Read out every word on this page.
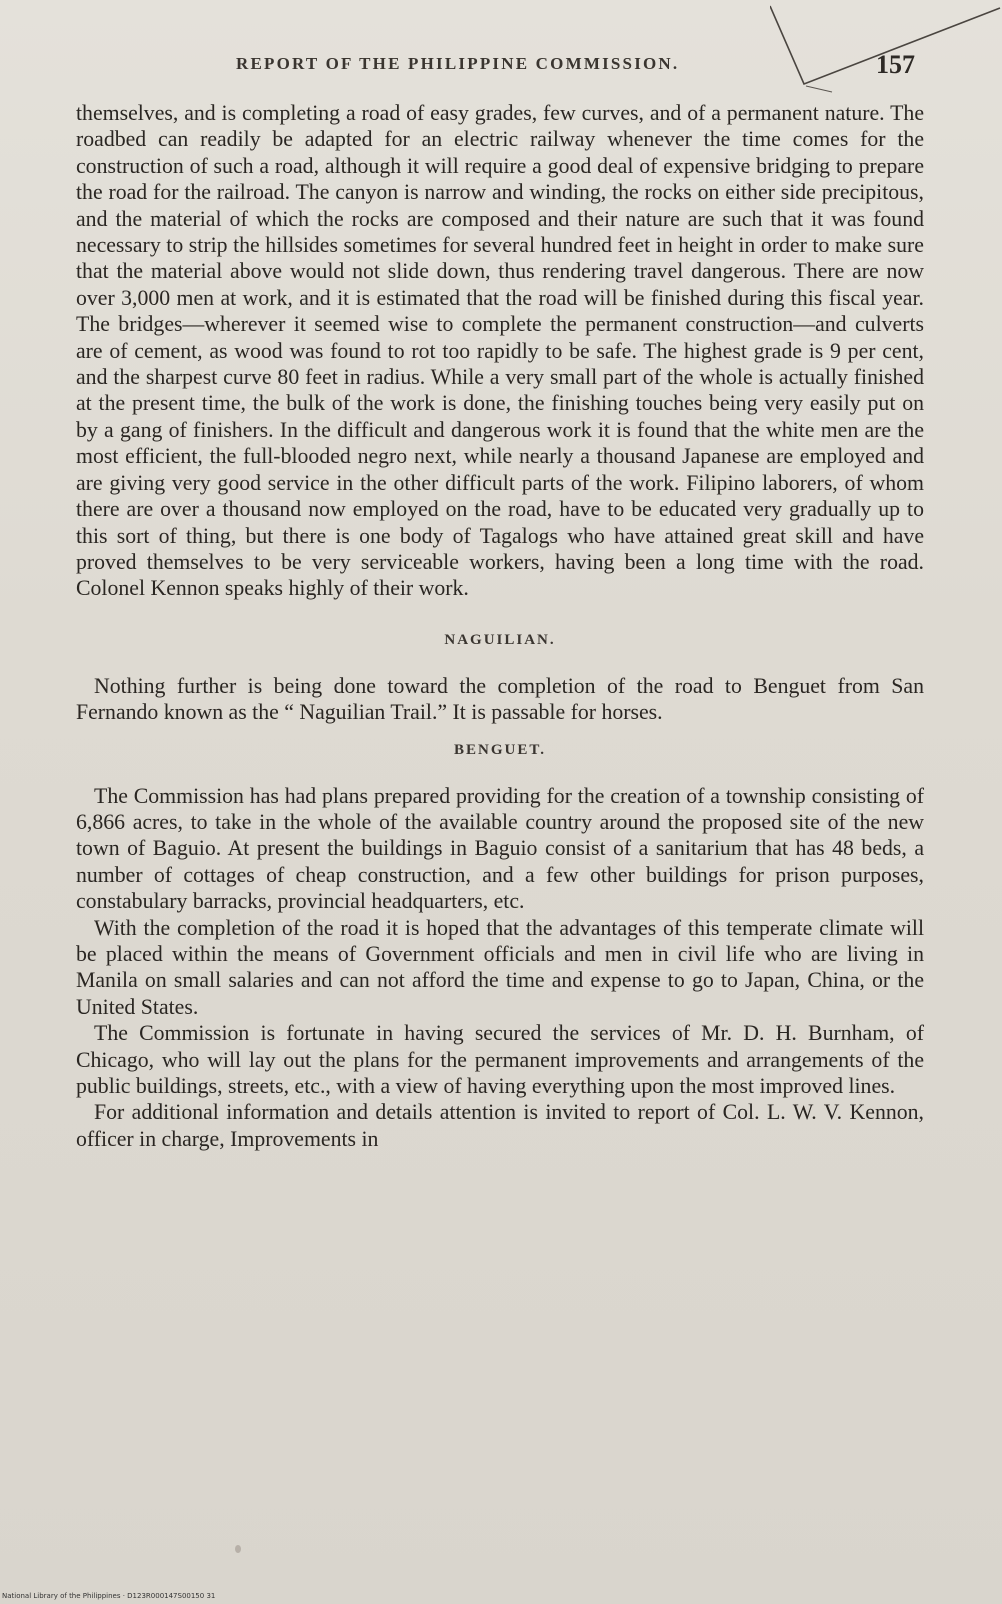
REPORT OF THE PHILIPPINE COMMISSION.	157

themselves, and is completing a road of easy grades, few curves, and of a permanent nature. The roadbed can readily be adapted for an electric railway whenever the time comes for the construction of such a road, although it will require a good deal of expensive bridging to prepare the road for the railroad. The canyon is narrow and winding, the rocks on either side precipitous, and the material of which the rocks are composed and their nature are such that it was found necessary to strip the hillsides sometimes for several hundred feet in height in order to make sure that the material above would not slide down, thus rendering travel dangerous. There are now over 3,000 men at work, and it is estimated that the road will be finished during this fiscal year. The bridges—wherever it seemed wise to complete the permanent construction—and culverts are of cement, as wood was found to rot too rapidly to be safe. The highest grade is 9 per cent, and the sharpest curve 80 feet in radius. While a very small part of the whole is actually finished at the present time, the bulk of the work is done, the finishing touches being very easily put on by a gang of finishers. In the difficult and dangerous work it is found that the white men are the most efficient, the full-blooded negro next, while nearly a thousand Japanese are employed and are giving very good service in the other difficult parts of the work. Filipino laborers, of whom there are over a thousand now employed on the road, have to be educated very gradually up to this sort of thing, but there is one body of Tagalogs who have attained great skill and have proved themselves to be very serviceable workers, having been a long time with the road. Colonel Kennon speaks highly of their work.

NAGUILIAN.

Nothing further is being done toward the completion of the road to Benguet from San Fernando known as the “ Naguilian Trail.” It is passable for horses.

BENGUET.

The Commission has had plans prepared providing for the creation of a township consisting of 6,866 acres, to take in the whole of the available country around the proposed site of the new town of Baguio. At present the buildings in Baguio consist of a sanitarium that has 48 beds, a number of cottages of cheap construction, and a few other buildings for prison purposes, constabulary barracks, provincial headquarters, etc.

With the completion of the road it is hoped that the advantages of this temperate climate will be placed within the means of Government officials and men in civil life who are living in Manila on small salaries and can not afford the time and expense to go to Japan, China, or the United States.

The Commission is fortunate in having secured the services of Mr. D. H. Burnham, of Chicago, who will lay out the plans for the permanent improvements and arrangements of the public buildings, streets, etc., with a view of having everything upon the most improved lines.

For additional information and details attention is invited to report of Col. L. W. V. Kennon, officer in charge, Improvements in

National Library of the Philippines · D123R000147S00150 31
